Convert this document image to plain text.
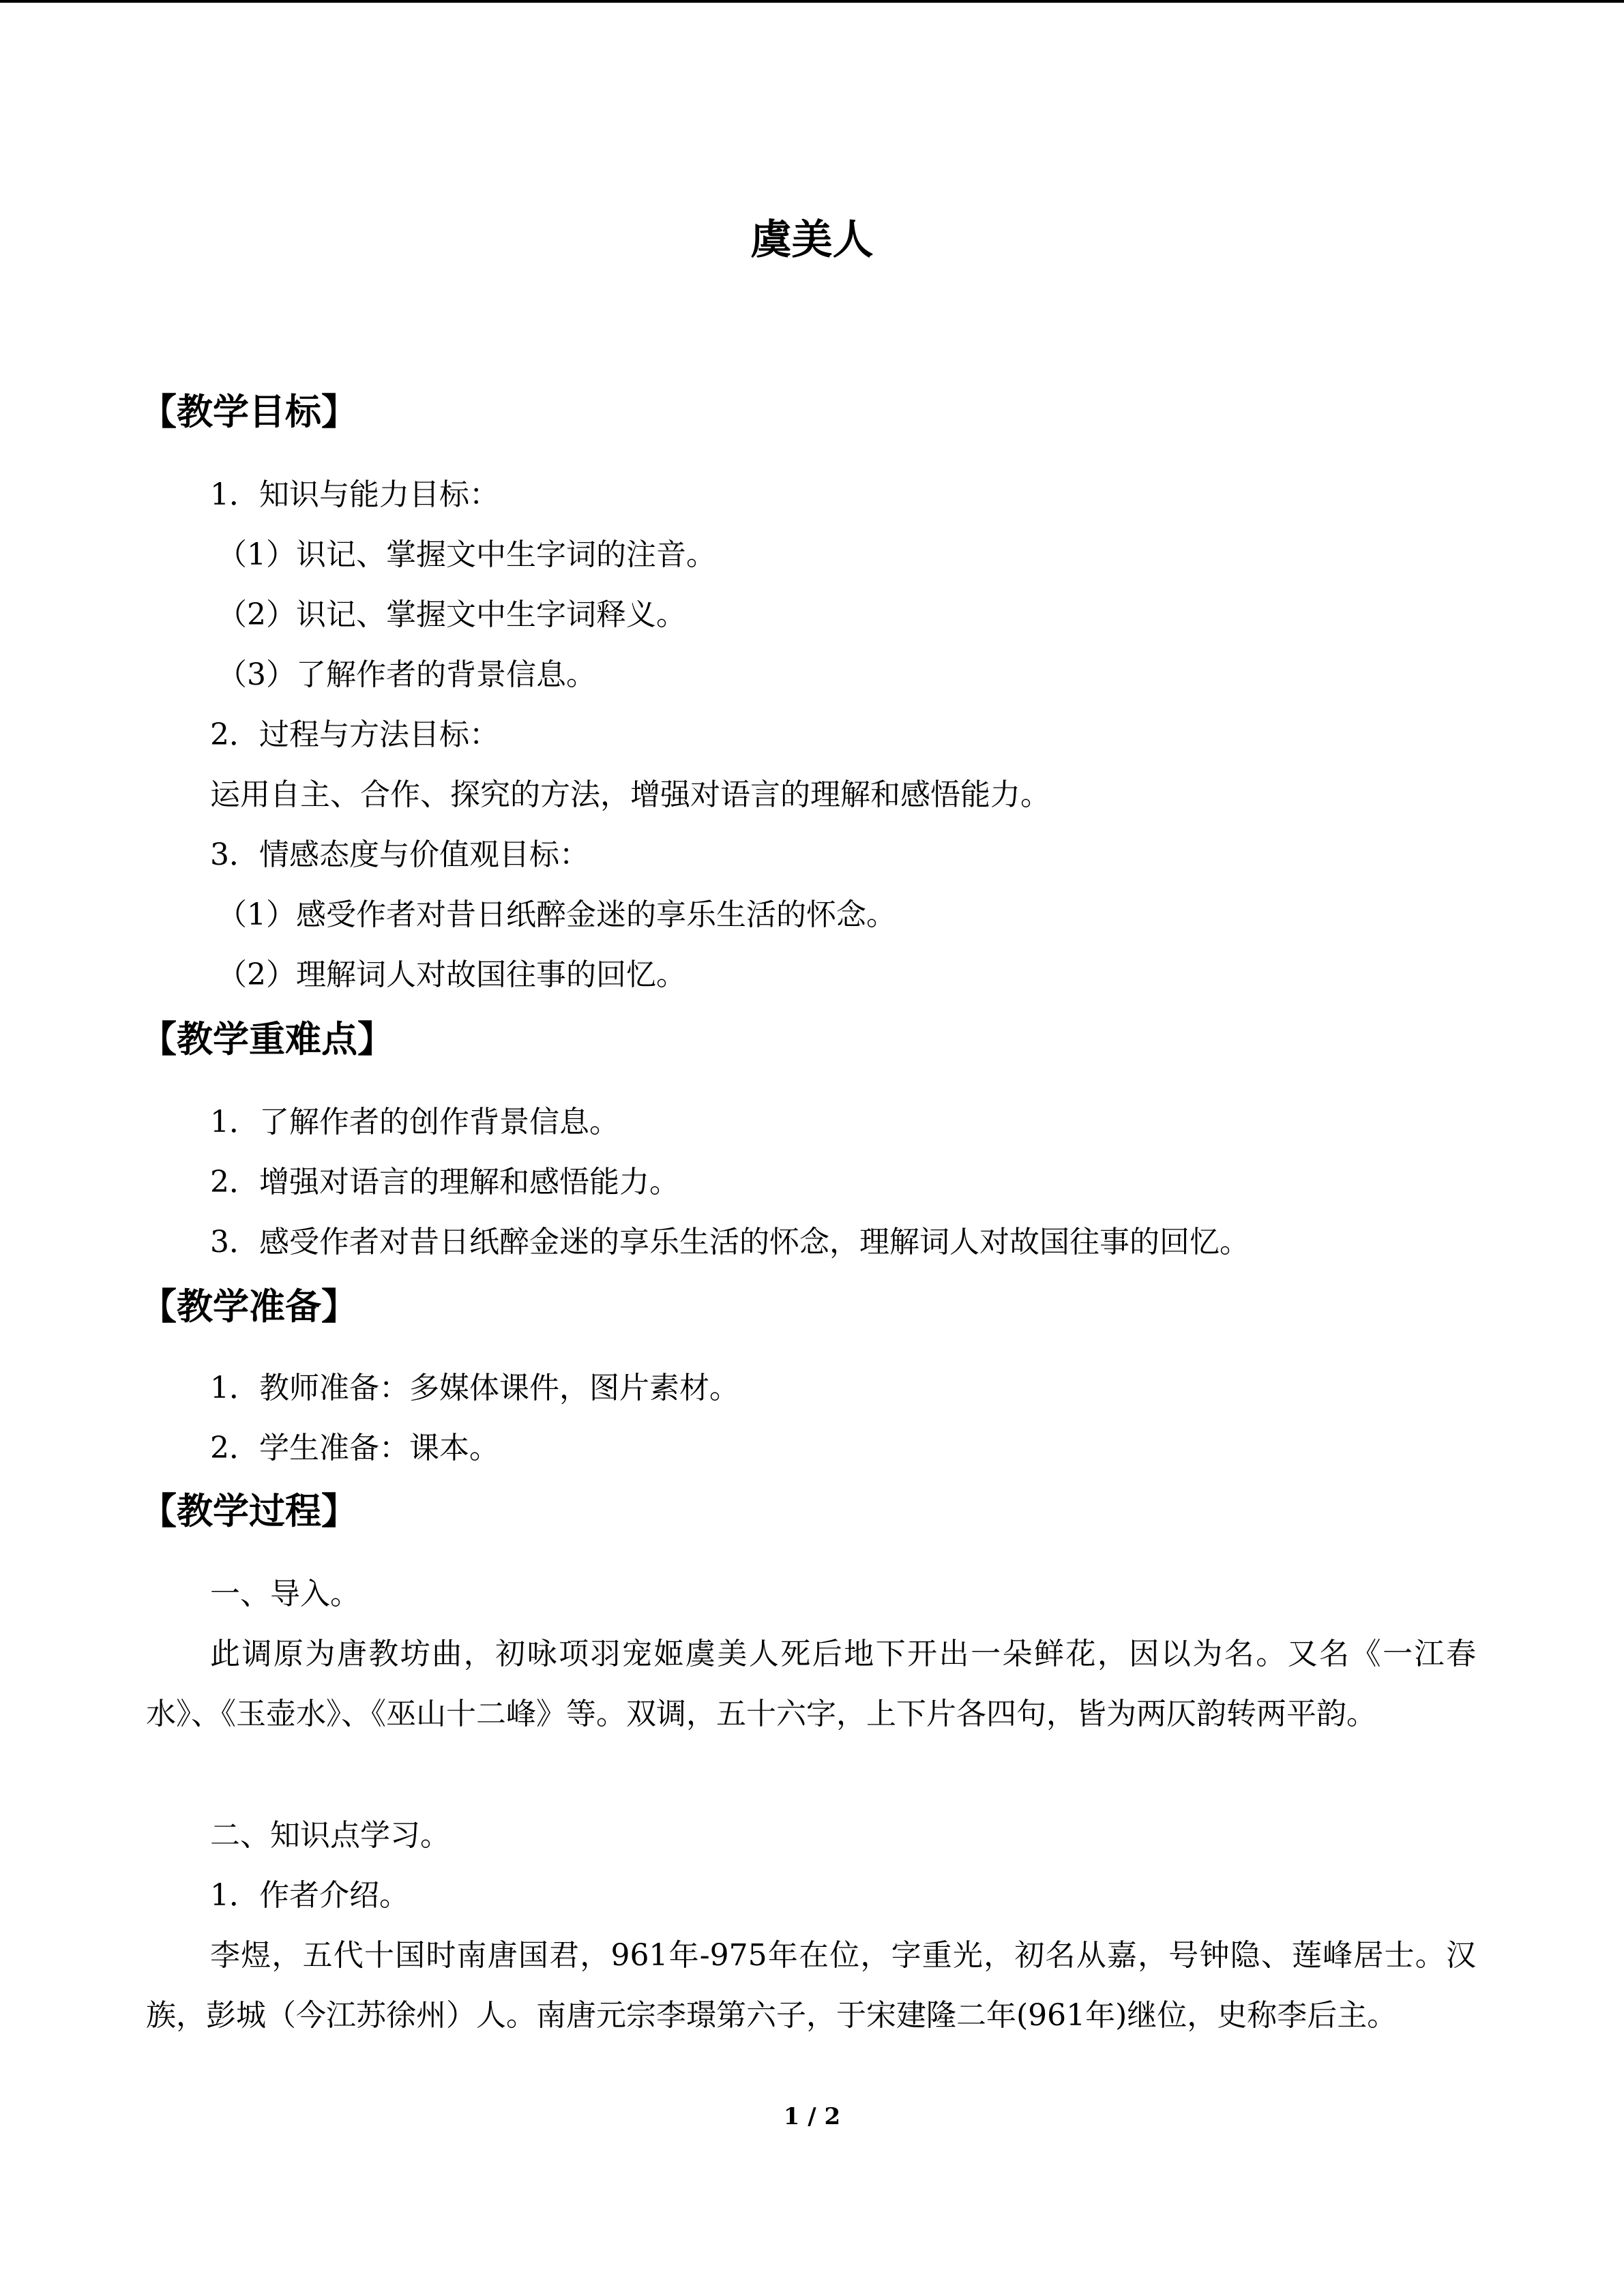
虞美人
【教学目标】
1．知识与能力目标：
（1）识记、掌握文中生字词的注音。
（2）识记、掌握文中生字词释义。
（3）了解作者的背景信息。
2．过程与方法目标：
运用自主、合作、探究的方法，增强对语言的理解和感悟能力。
3．情感态度与价值观目标：
（1）感受作者对昔日纸醉金迷的享乐生活的怀念。
（2）理解词人对故国往事的回忆。
【教学重难点】
1．了解作者的创作背景信息。
2．增强对语言的理解和感悟能力。
3．感受作者对昔日纸醉金迷的享乐生活的怀念，理解词人对故国往事的回忆。
【教学准备】
1．教师准备：多媒体课件，图片素材。
2．学生准备：课本。
【教学过程】
一、导入。
此调原为唐教坊曲，初咏项羽宠姬虞美人死后地下开出一朵鲜花，因以为名。又名《一江春水》、《玉壶水》、《巫山十二峰》等。双调，五十六字，上下片各四句，皆为两仄韵转两平韵。
二、知识点学习。
1．作者介绍。
李煜，五代十国时南唐国君，961年-975年在位，字重光，初名从嘉，号钟隐、莲峰居士。汉族，彭城（今江苏徐州）人。南唐元宗李璟第六子，于宋建隆二年(961年)继位，史称李后主。
1 / 2
